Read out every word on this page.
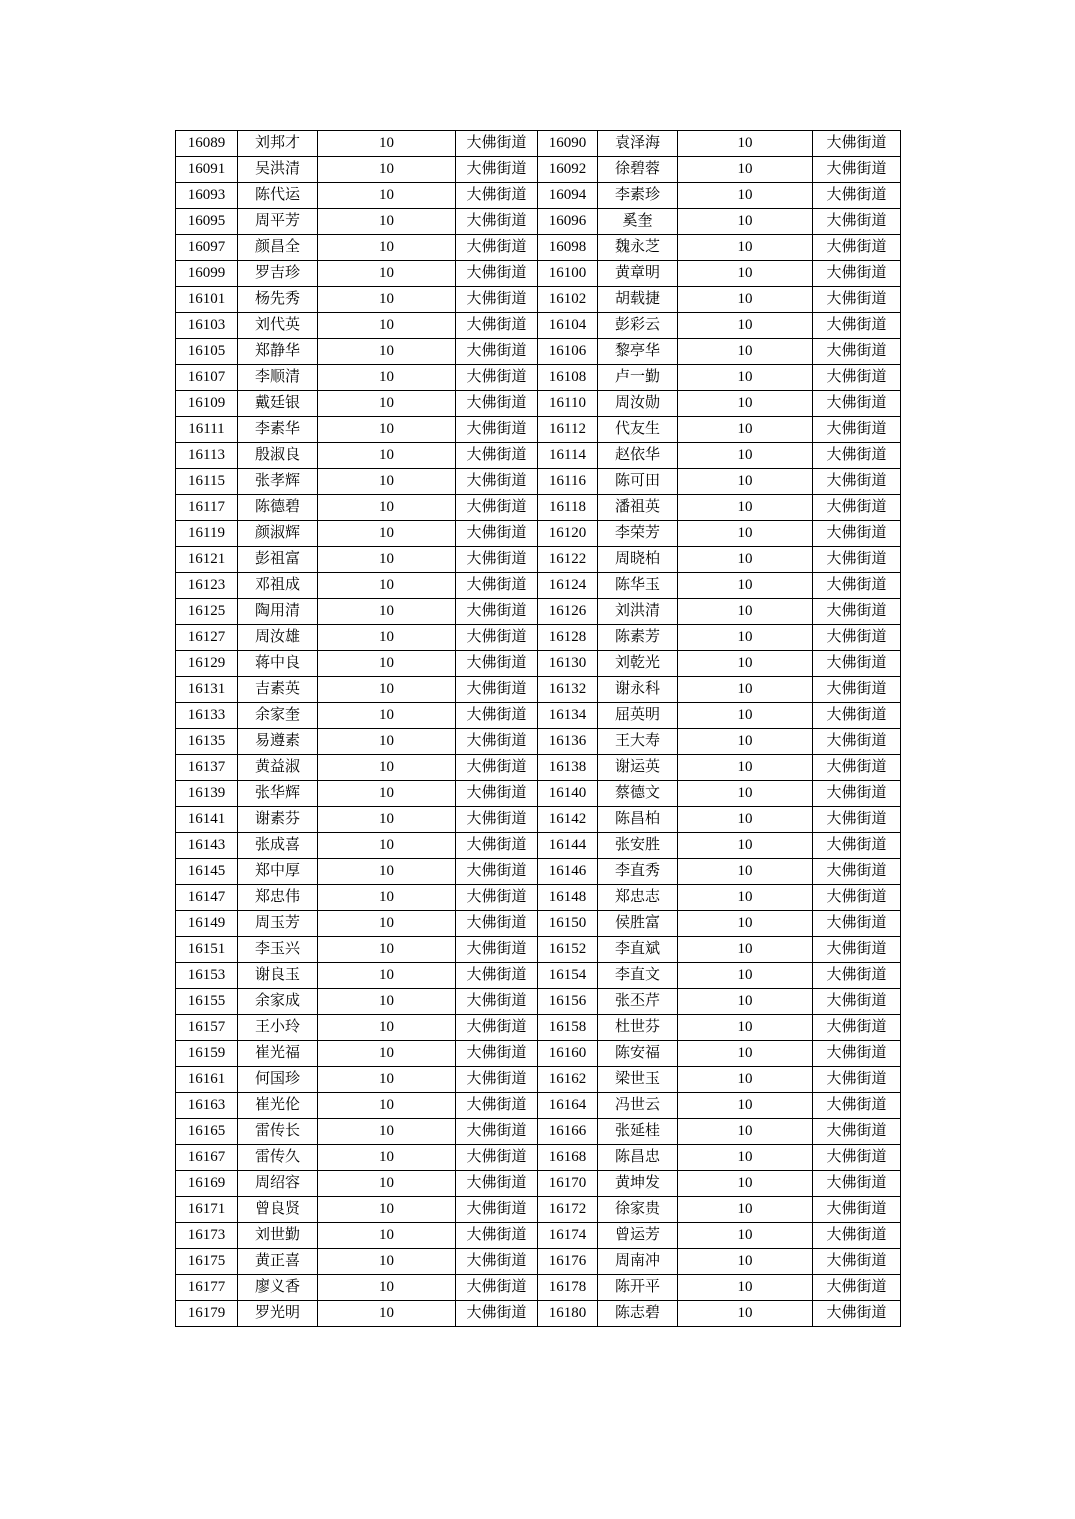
16089	刘邦才	10	大佛街道	16090	袁泽海	10	大佛街道
16091	吴洪清	10	大佛街道	16092	徐碧蓉	10	大佛街道
16093	陈代运	10	大佛街道	16094	李素珍	10	大佛街道
16095	周平芳	10	大佛街道	16096	奚奎	10	大佛街道
16097	颜昌全	10	大佛街道	16098	魏永芝	10	大佛街道
16099	罗吉珍	10	大佛街道	16100	黄章明	10	大佛街道
16101	杨先秀	10	大佛街道	16102	胡载捷	10	大佛街道
16103	刘代英	10	大佛街道	16104	彭彩云	10	大佛街道
16105	郑静华	10	大佛街道	16106	黎亭华	10	大佛街道
16107	李顺清	10	大佛街道	16108	卢一勤	10	大佛街道
16109	戴廷银	10	大佛街道	16110	周汝勋	10	大佛街道
16111	李素华	10	大佛街道	16112	代友生	10	大佛街道
16113	殷淑良	10	大佛街道	16114	赵依华	10	大佛街道
16115	张孝辉	10	大佛街道	16116	陈可田	10	大佛街道
16117	陈德碧	10	大佛街道	16118	潘祖英	10	大佛街道
16119	颜淑辉	10	大佛街道	16120	李荣芳	10	大佛街道
16121	彭祖富	10	大佛街道	16122	周晓柏	10	大佛街道
16123	邓祖成	10	大佛街道	16124	陈华玉	10	大佛街道
16125	陶用清	10	大佛街道	16126	刘洪清	10	大佛街道
16127	周汝雄	10	大佛街道	16128	陈素芳	10	大佛街道
16129	蒋中良	10	大佛街道	16130	刘乾光	10	大佛街道
16131	吉素英	10	大佛街道	16132	谢永科	10	大佛街道
16133	余家奎	10	大佛街道	16134	屈英明	10	大佛街道
16135	易遵素	10	大佛街道	16136	王大寿	10	大佛街道
16137	黄益淑	10	大佛街道	16138	谢运英	10	大佛街道
16139	张华辉	10	大佛街道	16140	蔡德文	10	大佛街道
16141	谢素芬	10	大佛街道	16142	陈昌柏	10	大佛街道
16143	张成喜	10	大佛街道	16144	张安胜	10	大佛街道
16145	郑中厚	10	大佛街道	16146	李直秀	10	大佛街道
16147	郑忠伟	10	大佛街道	16148	郑忠志	10	大佛街道
16149	周玉芳	10	大佛街道	16150	侯胜富	10	大佛街道
16151	李玉兴	10	大佛街道	16152	李直斌	10	大佛街道
16153	谢良玉	10	大佛街道	16154	李直文	10	大佛街道
16155	余家成	10	大佛街道	16156	张丕芹	10	大佛街道
16157	王小玲	10	大佛街道	16158	杜世芬	10	大佛街道
16159	崔光福	10	大佛街道	16160	陈安福	10	大佛街道
16161	何国珍	10	大佛街道	16162	梁世玉	10	大佛街道
16163	崔光伦	10	大佛街道	16164	冯世云	10	大佛街道
16165	雷传长	10	大佛街道	16166	张延桂	10	大佛街道
16167	雷传久	10	大佛街道	16168	陈昌忠	10	大佛街道
16169	周绍容	10	大佛街道	16170	黄坤发	10	大佛街道
16171	曾良贤	10	大佛街道	16172	徐家贵	10	大佛街道
16173	刘世勤	10	大佛街道	16174	曾运芳	10	大佛街道
16175	黄正喜	10	大佛街道	16176	周南冲	10	大佛街道
16177	廖义香	10	大佛街道	16178	陈开平	10	大佛街道
16179	罗光明	10	大佛街道	16180	陈志碧	10	大佛街道
